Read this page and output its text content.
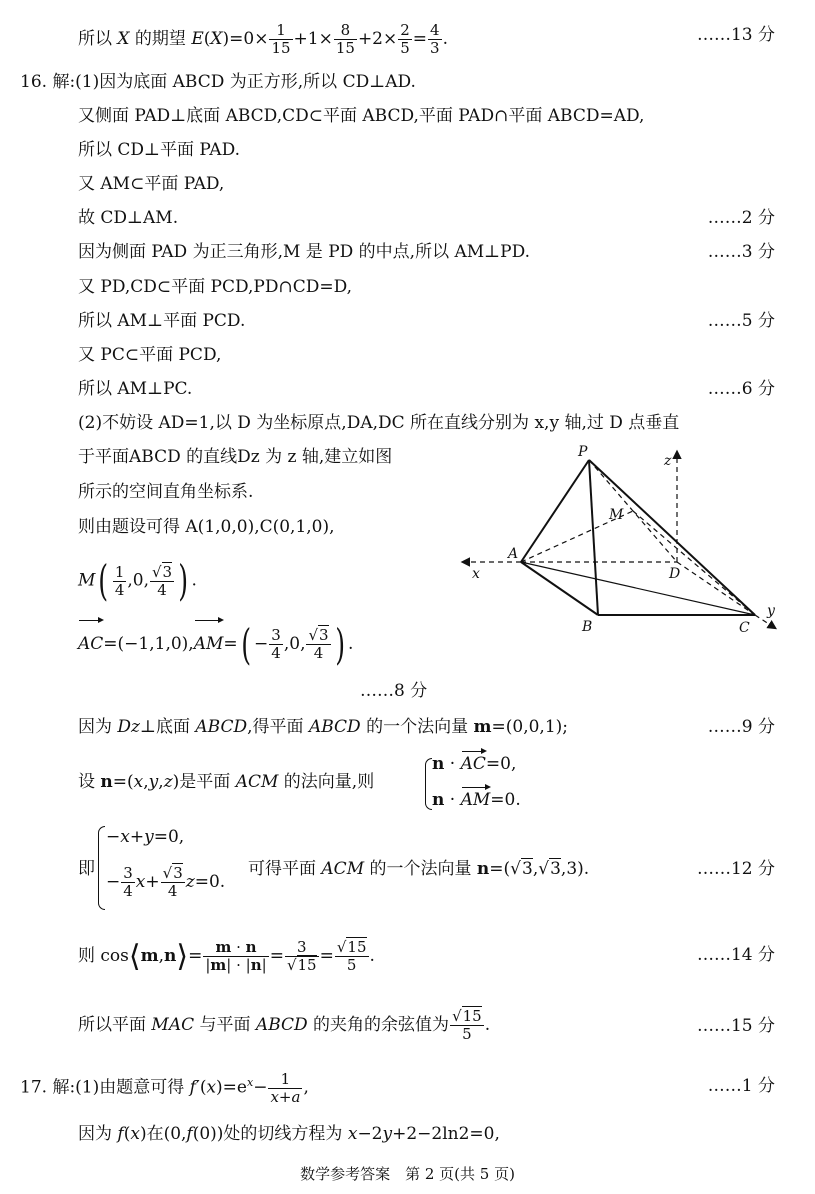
所以 X 的期望 $E(X)=0\times \frac{1}{15} +1\times \frac{8}{15} +2\times \frac{2}{5} = \frac{4}{3}$ .	……13 分
16. 解:(1)因为底面 ABCD 为正方形,所以 CD⊥AD.
又侧面 PAD⊥底面 ABCD,CD⊂平面 ABCD,平面 PAD∩平面 ABCD=AD,
所以 CD⊥平面 PAD.
又 AM⊂平面 PAD,
故 CD⊥AM.	……2 分
因为侧面 PAD 为正三角形,M 是 PD 的中点,所以 AM⊥PD.	……3 分
又 PD,CD⊂平面 PCD,PD∩CD=D,
所以 AM⊥平面 PCD.	……5 分
又 PC⊂平面 PCD,
所以 AM⊥PC.	……6 分
(2)不妨设 AD=1,以 D 为坐标原点,DA,DC 所在直线分别为 x,y 轴,过 D 点垂直
于平面ABCD 的直线Dz 为 z 轴,建立如图
所示的空间直角坐标系.
则由题设可得 A(1,0,0),C(0,1,0),
$M( \frac{1}{4} ,0$, $\frac{√3}{4}$ ) .
$AC=(-1,1,0),AM=( - \frac{3}{4} ,0$, $\frac{√3}{4}$ ) .
……8 分
因为 Dz⊥底面 ABCD,得平面 ABCD 的一个法向量 m=(0,0,1);	……9 分
设 n=(x,y,z)是平面 ACM 的法向量,则
n · AC=0,
n · AM=0.
即
−x+y=0,
− $\frac{3}{4} x+ \frac{√3}{4} z=0$.
可得平面 ACM 的一个法向量 n=(√3,√3,3).	……12 分
则 cos⟨m,n⟩= $\frac{m \cdot n}{|m| \cdot |n|} = \frac{3}{√15} = \frac{√15}{5}$ .	……14 分
所以平面 MAC 与平面 ABCD 的夹角的余弦值为 $\frac{√15}{5}$ .	……15 分
17. 解:(1)由题意可得 $f'(x)=e^x- \frac{1}{x+a}$ ,	……1 分
因为 f(x)在(0,f(0))处的切线方程为 x−2y+2−2ln2=0,
P
z
M
A
x	D
B	C
y
数学参考答案　第 2 页(共 5 页)
